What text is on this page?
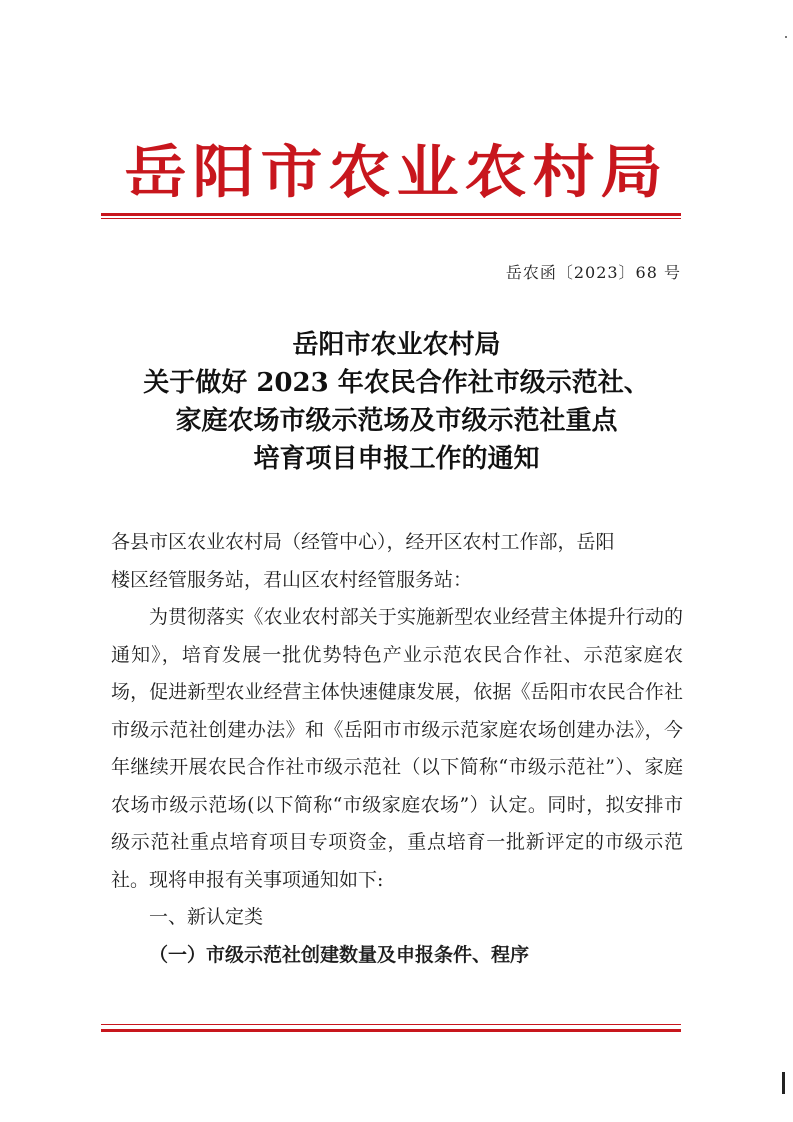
岳阳市农业农村局
岳农函〔2023〕68 号
岳阳市农业农村局
关于做好 2023 年农民合作社市级示范社、
家庭农场市级示范场及市级示范社重点
培育项目申报工作的通知

各县市区农业农村局（经管中心），经开区农村工作部，岳阳

楼区经管服务站，君山区农村经管服务站：

为贯彻落实《农业农村部关于实施新型农业经营主体提升行动的通知》，培育发展一批优势特色产业示范农民合作社、示范家庭农场，促进新型农业经营主体快速健康发展，依据《岳阳市农民合作社市级示范社创建办法》和《岳阳市市级示范家庭农场创建办法》，今年继续开展农民合作社市级示范社（以下简称“市级示范社”）、家庭农场市级示范场(以下简称“市级家庭农场”）认定。同时，拟安排市级示范社重点培育项目专项资金，重点培育一批新评定的市级示范社。现将申报有关事项通知如下:

一、新认定类

（一）市级示范社创建数量及申报条件、程序
